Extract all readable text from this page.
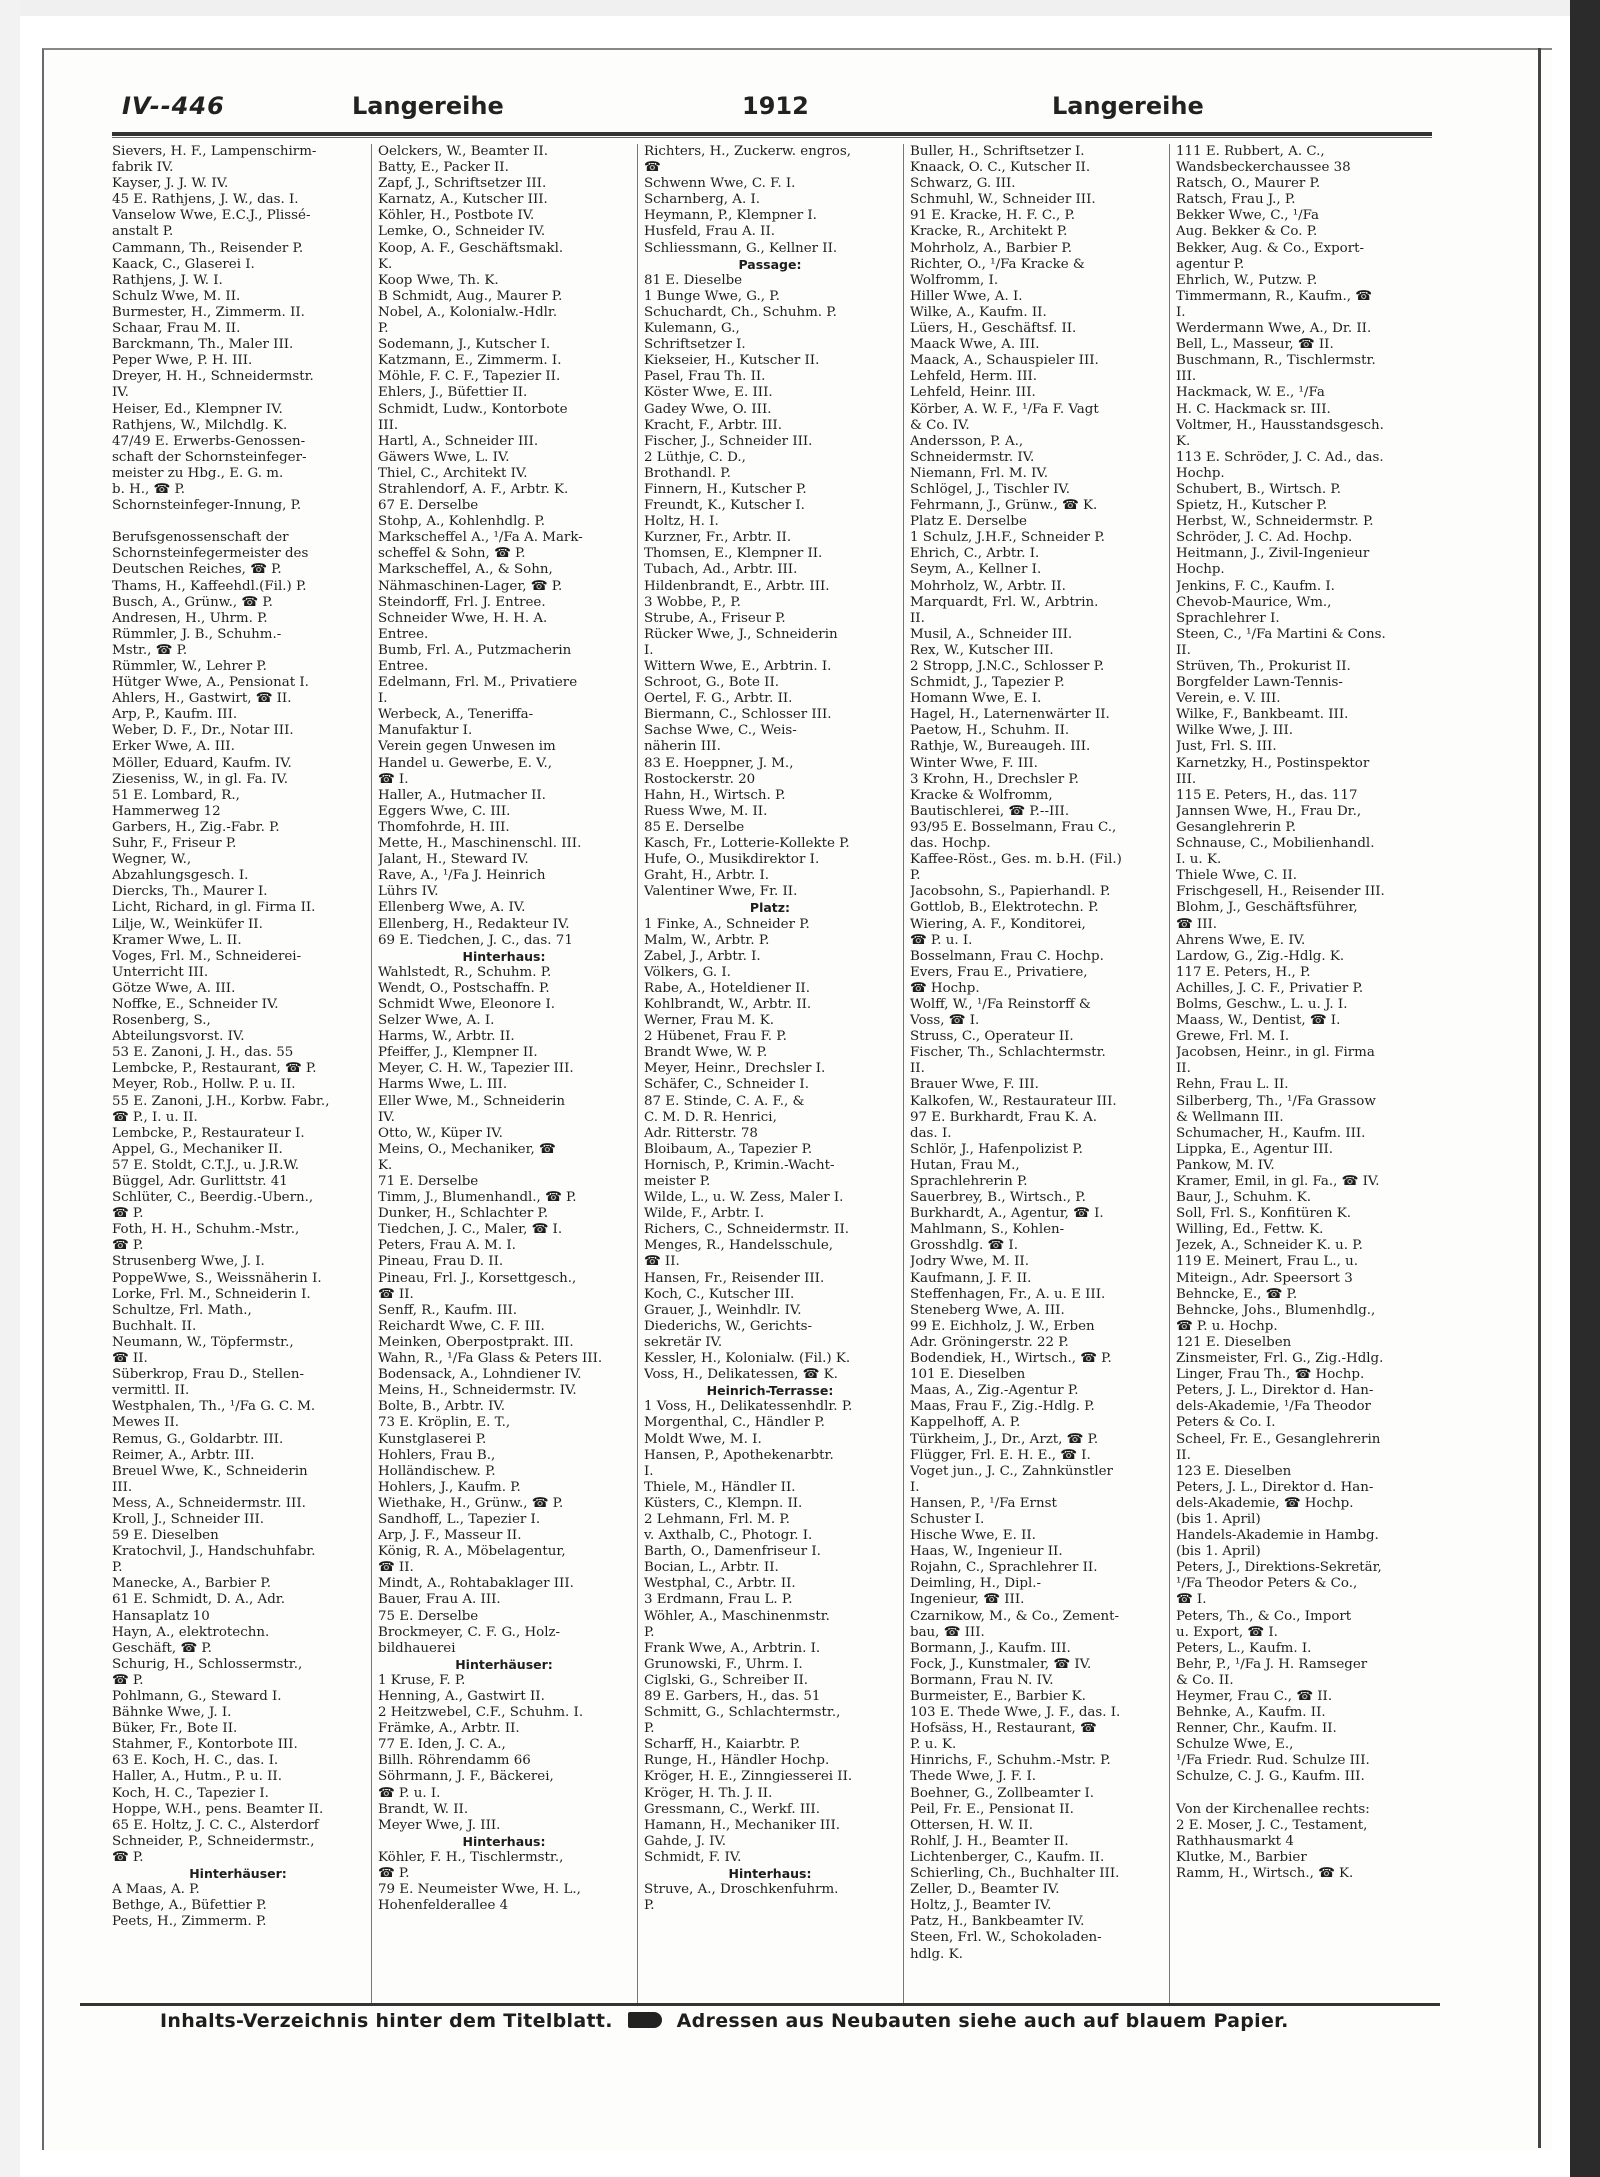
IV--446	Langereihe	1912	Langereihe
Sievers, H. F., Lampenschirm-
fabrik IV.
Kayser, J. J. W. IV.
45 E. Rathjens, J. W., das. I.
Vanselow Wwe, E.C.J., Plissé-
anstalt P.
Cammann, Th., Reisender P.
Kaack, C., Glaserei I.
Rathjens, J. W. I.
Schulz Wwe, M. II.
Burmester, H., Zimmerm. II.
Schaar, Frau M. II.
Barckmann, Th., Maler III.
Peper Wwe, P. H. III.
Dreyer, H. H., Schneidermstr.
IV.
Heiser, Ed., Klempner IV.
Rathjens, W., Milchdlg. K.
47/49 E. Erwerbs-Genossen-
schaft der Schornsteinfeger-
meister zu Hbg., E. G. m.
b. H., ☎ P.
Schornsteinfeger-Innung, P.

Berufsgenossenschaft der
Schornsteinfegermeister des
Deutschen Reiches, ☎ P.
Thams, H., Kaffeehdl.(Fil.) P.
Busch, A., Grünw., ☎ P.
Andresen, H., Uhrm. P.
Rümmler, J. B., Schuhm.-
Mstr., ☎ P.
Rümmler, W., Lehrer P.
Hütger Wwe, A., Pensionat I.
Ahlers, H., Gastwirt, ☎ II.
Arp, P., Kaufm. III.
Weber, D. F., Dr., Notar III.
Erker Wwe, A. III.
Möller, Eduard, Kaufm. IV.
Zieseniss, W., in gl. Fa. IV.
51 E. Lombard, R.,
Hammerweg 12
Garbers, H., Zig.-Fabr. P.
Suhr, F., Friseur P.
Wegner, W.,
Abzahlungsgesch. I.
Diercks, Th., Maurer I.
Licht, Richard, in gl. Firma II.
Lilje, W., Weinküfer II.
Kramer Wwe, L. II.
Voges, Frl. M., Schneiderei-
Unterricht III.
Götze Wwe, A. III.
Noffke, E., Schneider IV.
Rosenberg, S.,
Abteilungsvorst. IV.
53 E. Zanoni, J. H., das. 55
Lembcke, P., Restaurant, ☎ P.
Meyer, Rob., Hollw. P. u. II.
55 E. Zanoni, J.H., Korbw. Fabr.,
☎ P., I. u. II.
Lembcke, P., Restaurateur I.
Appel, G., Mechaniker II.
57 E. Stoldt, C.T.J., u. J.R.W.
Büggel, Adr. Gurlittstr. 41
Schlüter, C., Beerdig.-Übern.,
☎ P.
Foth, H. H., Schuhm.-Mstr.,
☎ P.
Strusenberg Wwe, J. I.
PoppeWwe, S., Weissnäherin I.
Lorke, Frl. M., Schneiderin I.
Schultze, Frl. Math.,
Buchhalt. II.
Neumann, W., Töpfermstr.,
☎ II.
Süberkrop, Frau D., Stellen-
vermittl. II.
Westphalen, Th., ¹/Fa G. C. M.
Mewes II.
Remus, G., Goldarbtr. III.
Reimer, A., Arbtr. III.
Breuel Wwe, K., Schneiderin
III.
Mess, A., Schneidermstr. III.
Kroll, J., Schneider III.
59 E. Dieselben
Kratochvil, J., Handschuhfabr.
P.
Manecke, A., Barbier P.
61 E. Schmidt, D. A., Adr.
Hansaplatz 10
Hayn, A., elektrotechn.
Geschäft, ☎ P.
Schurig, H., Schlossermstr.,
☎ P.
Pohlmann, G., Steward I.
Bähnke Wwe, J. I.
Büker, Fr., Bote II.
Stahmer, F., Kontorbote III.
63 E. Koch, H. C., das. I.
Haller, A., Hutm., P. u. II.
Koch, H. C., Tapezier I.
Hoppe, W.H., pens. Beamter II.
65 E. Holtz, J. C. C., Alsterdorf
Schneider, P., Schneidermstr.,
☎ P.
Hinterhäuser:
A Maas, A. P.
Bethge, A., Büfettier P.
Peets, H., Zimmerm. P.
Oelckers, W., Beamter II.
Batty, E., Packer II.
Zapf, J., Schriftsetzer III.
Karnatz, A., Kutscher III.
Köhler, H., Postbote IV.
Lemke, O., Schneider IV.
Koop, A. F., Geschäftsmakl.
K.
Koop Wwe, Th. K.
B Schmidt, Aug., Maurer P.
Nobel, A., Kolonialw.-Hdlr.
P.
Sodemann, J., Kutscher I.
Katzmann, E., Zimmerm. I.
Möhle, F. C. F., Tapezier II.
Ehlers, J., Büfettier II.
Schmidt, Ludw., Kontorbote
III.
Hartl, A., Schneider III.
Gäwers Wwe, L. IV.
Thiel, C., Architekt IV.
Strahlendorf, A. F., Arbtr. K.
67 E. Derselbe
Stohp, A., Kohlenhdlg. P.
Markscheffel A., ¹/Fa A. Mark-
scheffel & Sohn, ☎ P.
Markscheffel, A., & Sohn,
Nähmaschinen-Lager, ☎ P.
Steindorff, Frl. J. Entree.
Schneider Wwe, H. H. A.
Entree.
Bumb, Frl. A., Putzmacherin
Entree.
Edelmann, Frl. M., Privatiere
I.
Werbeck, A., Teneriffa-
Manufaktur I.
Verein gegen Unwesen im
Handel u. Gewerbe, E. V.,
☎ I.
Haller, A., Hutmacher II.
Eggers Wwe, C. III.
Thomfohrde, H. III.
Mette, H., Maschinenschl. III.
Jalant, H., Steward IV.
Rave, A., ¹/Fa J. Heinrich
Lührs IV.
Ellenberg Wwe, A. IV.
Ellenberg, H., Redakteur IV.
69 E. Tiedchen, J. C., das. 71
Hinterhaus:
Wahlstedt, R., Schuhm. P.
Wendt, O., Postschaffn. P.
Schmidt Wwe, Eleonore I.
Selzer Wwe, A. I.
Harms, W., Arbtr. II.
Pfeiffer, J., Klempner II.
Meyer, C. H. W., Tapezier III.
Harms Wwe, L. III.
Eller Wwe, M., Schneiderin
IV.
Otto, W., Küper IV.
Meins, O., Mechaniker, ☎
K.
71 E. Derselbe
Timm, J., Blumenhandl., ☎ P.
Dunker, H., Schlachter P.
Tiedchen, J. C., Maler, ☎ I.
Peters, Frau A. M. I.
Pineau, Frau D. II.
Pineau, Frl. J., Korsettgesch.,
☎ II.
Senff, R., Kaufm. III.
Reichardt Wwe, C. F. III.
Meinken, Oberpostprakt. III.
Wahn, R., ¹/Fa Glass & Peters III.
Bodensack, A., Lohndiener IV.
Meins, H., Schneidermstr. IV.
Bolte, B., Arbtr. IV.
73 E. Kröplin, E. T.,
Kunstglaserei P.
Hohlers, Frau B.,
Holländischew. P.
Hohlers, J., Kaufm. P.
Wiethake, H., Grünw., ☎ P.
Sandhoff, L., Tapezier I.
Arp, J. F., Masseur II.
König, R. A., Möbelagentur,
☎ II.
Mindt, A., Rohtabaklager III.
Bauer, Frau A. III.
75 E. Derselbe
Brockmeyer, C. F. G., Holz-
bildhauerei
Hinterhäuser:
1 Kruse, F. P.
Henning, A., Gastwirt II.
2 Heitzwebel, C.F., Schuhm. I.
Främke, A., Arbtr. II.
77 E. Iden, J. C. A.,
Billh. Röhrendamm 66
Söhrmann, J. F., Bäckerei,
☎ P. u. I.
Brandt, W. II.
Meyer Wwe, J. III.
Hinterhaus:
Köhler, F. H., Tischlermstr.,
☎ P.
79 E. Neumeister Wwe, H. L.,
Hohenfelderallee 4
Richters, H., Zuckerw. engros,
☎
Schwenn Wwe, C. F. I.
Scharnberg, A. I.
Heymann, P., Klempner I.
Husfeld, Frau A. II.
Schliessmann, G., Kellner II.
Passage:
81 E. Dieselbe
1 Bunge Wwe, G., P.
Schuchardt, Ch., Schuhm. P.
Kulemann, G.,
Schriftsetzer I.
Kiekseier, H., Kutscher II.
Pasel, Frau Th. II.
Köster Wwe, E. III.
Gadey Wwe, O. III.
Kracht, F., Arbtr. III.
Fischer, J., Schneider III.
2 Lüthje, C. D.,
Brothandl. P.
Finnern, H., Kutscher P.
Freundt, K., Kutscher I.
Holtz, H. I.
Kurzner, Fr., Arbtr. II.
Thomsen, E., Klempner II.
Tubach, Ad., Arbtr. III.
Hildenbrandt, E., Arbtr. III.
3 Wobbe, P., P.
Strube, A., Friseur P.
Rücker Wwe, J., Schneiderin
I.
Wittern Wwe, E., Arbtrin. I.
Schroot, G., Bote II.
Oertel, F. G., Arbtr. II.
Biermann, C., Schlosser III.
Sachse Wwe, C., Weis-
näherin III.
83 E. Hoeppner, J. M.,
Rostockerstr. 20
Hahn, H., Wirtsch. P.
Ruess Wwe, M. II.
85 E. Derselbe
Kasch, Fr., Lotterie-Kollekte P.
Hufe, O., Musikdirektor I.
Graht, H., Arbtr. I.
Valentiner Wwe, Fr. II.
Platz:
1 Finke, A., Schneider P.
Malm, W., Arbtr. P.
Zabel, J., Arbtr. I.
Völkers, G. I.
Rabe, A., Hoteldiener II.
Kohlbrandt, W., Arbtr. II.
Werner, Frau M. K.
2 Hübenet, Frau F. P.
Brandt Wwe, W. P.
Meyer, Heinr., Drechsler I.
Schäfer, C., Schneider I.
87 E. Stinde, C. A. F., &
C. M. D. R. Henrici,
Adr. Ritterstr. 78
Bloibaum, A., Tapezier P.
Hornisch, P., Krimin.-Wacht-
meister P.
Wilde, L., u. W. Zess, Maler I.
Wilde, F., Arbtr. I.
Richers, C., Schneidermstr. II.
Menges, R., Handelsschule,
☎ II.
Hansen, Fr., Reisender III.
Koch, C., Kutscher III.
Grauer, J., Weinhdlr. IV.
Diederichs, W., Gerichts-
sekretär IV.
Kessler, H., Kolonialw. (Fil.) K.
Voss, H., Delikatessen, ☎ K.
Heinrich-Terrasse:
1 Voss, H., Delikatessenhdlr. P.
Morgenthal, C., Händler P.
Moldt Wwe, M. I.
Hansen, P., Apothekenarbtr.
I.
Thiele, M., Händler II.
Küsters, C., Klempn. II.
2 Lehmann, Frl. M. P.
v. Axthalb, C., Photogr. I.
Barth, O., Damenfriseur I.
Bocian, L., Arbtr. II.
Westphal, C., Arbtr. II.
3 Erdmann, Frau L. P.
Wöhler, A., Maschinenmstr.
P.
Frank Wwe, A., Arbtrin. I.
Grunowski, F., Uhrm. I.
Ciglski, G., Schreiber II.
89 E. Garbers, H., das. 51
Schmitt, G., Schlachtermstr.,
P.
Scharff, H., Kaiarbtr. P.
Runge, H., Händler Hochp.
Kröger, H. E., Zinngiesserei II.
Kröger, H. Th. J. II.
Gressmann, C., Werkf. III.
Hamann, H., Mechaniker III.
Gahde, J. IV.
Schmidt, F. IV.
Hinterhaus:
Struve, A., Droschkenfuhrm.
P.
Buller, H., Schriftsetzer I.
Knaack, O. C., Kutscher II.
Schwarz, G. III.
Schmuhl, W., Schneider III.
91 E. Kracke, H. F. C., P.
Kracke, R., Architekt P.
Mohrholz, A., Barbier P.
Richter, O., ¹/Fa Kracke &
Wolfromm, I.
Hiller Wwe, A. I.
Wilke, A., Kaufm. II.
Lüers, H., Geschäftsf. II.
Maack Wwe, A. III.
Maack, A., Schauspieler III.
Lehfeld, Herm. III.
Lehfeld, Heinr. III.
Körber, A. W. F., ¹/Fa F. Vagt
& Co. IV.
Andersson, P. A.,
Schneidermstr. IV.
Niemann, Frl. M. IV.
Schlögel, J., Tischler IV.
Fehrmann, J., Grünw., ☎ K.
Platz E. Derselbe
1 Schulz, J.H.F., Schneider P.
Ehrich, C., Arbtr. I.
Seym, A., Kellner I.
Mohrholz, W., Arbtr. II.
Marquardt, Frl. W., Arbtrin.
II.
Musil, A., Schneider III.
Rex, W., Kutscher III.
2 Stropp, J.N.C., Schlosser P.
Schmidt, J., Tapezier P.
Homann Wwe, E. I.
Hagel, H., Laternenwärter II.
Paetow, H., Schuhm. II.
Rathje, W., Bureaugeh. III.
Winter Wwe, F. III.
3 Krohn, H., Drechsler P.
Kracke & Wolfromm,
Bautischlerei, ☎ P.--III.
93/95 E. Bosselmann, Frau C.,
das. Hochp.
Kaffee-Röst., Ges. m. b.H. (Fil.)
P.
Jacobsohn, S., Papierhandl. P.
Gottlob, B., Elektrotechn. P.
Wiering, A. F., Konditorei,
☎ P. u. I.
Bosselmann, Frau C. Hochp.
Evers, Frau E., Privatiere,
☎ Hochp.
Wolff, W., ¹/Fa Reinstorff &
Voss, ☎ I.
Struss, C., Operateur II.
Fischer, Th., Schlachtermstr.
II.
Brauer Wwe, F. III.
Kalkofen, W., Restaurateur III.
97 E. Burkhardt, Frau K. A.
das. I.
Schlör, J., Hafenpolizist P.
Hutan, Frau M.,
Sprachlehrerin P.
Sauerbrey, B., Wirtsch., P.
Burkhardt, A., Agentur, ☎ I.
Mahlmann, S., Kohlen-
Grosshdlg. ☎ I.
Jodry Wwe, M. II.
Kaufmann, J. F. II.
Steffenhagen, Fr., A. u. E III.
Steneberg Wwe, A. III.
99 E. Eichholz, J. W., Erben
Adr. Gröningerstr. 22 P.
Bodendiek, H., Wirtsch., ☎ P.
101 E. Dieselben
Maas, A., Zig.-Agentur P.
Maas, Frau F., Zig.-Hdlg. P.
Kappelhoff, A. P.
Türkheim, J., Dr., Arzt, ☎ P.
Flügger, Frl. E. H. E., ☎ I.
Voget jun., J. C., Zahnkünstler
I.
Hansen, P., ¹/Fa Ernst
Schuster I.
Hische Wwe, E. II.
Haas, W., Ingenieur II.
Rojahn, C., Sprachlehrer II.
Deimling, H., Dipl.-
Ingenieur, ☎ III.
Czarnikow, M., & Co., Zement-
bau, ☎ III.
Bormann, J., Kaufm. III.
Fock, J., Kunstmaler, ☎ IV.
Bormann, Frau N. IV.
Burmeister, E., Barbier K.
103 E. Thede Wwe, J. F., das. I.
Hofsäss, H., Restaurant, ☎
P. u. K.
Hinrichs, F., Schuhm.-Mstr. P.
Thede Wwe, J. F. I.
Boehner, G., Zollbeamter I.
Peil, Fr. E., Pensionat II.
Ottersen, H. W. II.
Rohlf, J. H., Beamter II.
Lichtenberger, C., Kaufm. II.
Schierling, Ch., Buchhalter III.
Zeller, D., Beamter IV.
Holtz, J., Beamter IV.
Patz, H., Bankbeamter IV.
Steen, Frl. W., Schokoladen-
hdlg. K.
111 E. Rubbert, A. C.,
Wandsbeckerchaussee 38
Ratsch, O., Maurer P.
Ratsch, Frau J., P.
Bekker Wwe, C., ¹/Fa
Aug. Bekker & Co. P.
Bekker, Aug. & Co., Export-
agentur P.
Ehrlich, W., Putzw. P.
Timmermann, R., Kaufm., ☎
I.
Werdermann Wwe, A., Dr. II.
Bell, L., Masseur, ☎ II.
Buschmann, R., Tischlermstr.
III.
Hackmack, W. E., ¹/Fa
H. C. Hackmack sr. III.
Voltmer, H., Hausstandsgesch.
K.
113 E. Schröder, J. C. Ad., das.
Hochp.
Schubert, B., Wirtsch. P.
Spietz, H., Kutscher P.
Herbst, W., Schneidermstr. P.
Schröder, J. C. Ad. Hochp.
Heitmann, J., Zivil-Ingenieur
Hochp.
Jenkins, F. C., Kaufm. I.
Chevob-Maurice, Wm.,
Sprachlehrer I.
Steen, C., ¹/Fa Martini & Cons.
II.
Strüven, Th., Prokurist II.
Borgfelder Lawn-Tennis-
Verein, e. V. III.
Wilke, F., Bankbeamt. III.
Wilke Wwe, J. III.
Just, Frl. S. III.
Karnetzky, H., Postinspektor
III.
115 E. Peters, H., das. 117
Jannsen Wwe, H., Frau Dr.,
Gesanglehrerin P.
Schnause, C., Mobilienhandl.
I. u. K.
Thiele Wwe, C. II.
Frischgesell, H., Reisender III.
Blohm, J., Geschäftsführer,
☎ III.
Ahrens Wwe, E. IV.
Lardow, G., Zig.-Hdlg. K.
117 E. Peters, H., P.
Achilles, J. C. F., Privatier P.
Bolms, Geschw., L. u. J. I.
Maass, W., Dentist, ☎ I.
Grewe, Frl. M. I.
Jacobsen, Heinr., in gl. Firma
II.
Rehn, Frau L. II.
Silberberg, Th., ¹/Fa Grassow
& Wellmann III.
Schumacher, H., Kaufm. III.
Lippka, E., Agentur III.
Pankow, M. IV.
Kramer, Emil, in gl. Fa., ☎ IV.
Baur, J., Schuhm. K.
Soll, Frl. S., Konfitüren K.
Willing, Ed., Fettw. K.
Jezek, A., Schneider K. u. P.
119 E. Meinert, Frau L., u.
Miteign., Adr. Speersort 3
Behncke, E., ☎ P.
Behncke, Johs., Blumenhdlg.,
☎ P. u. Hochp.
121 E. Dieselben
Zinsmeister, Frl. G., Zig.-Hdlg.
Linger, Frau Th., ☎ Hochp.
Peters, J. L., Direktor d. Han-
dels-Akademie, ¹/Fa Theodor
Peters & Co. I.
Scheel, Fr. E., Gesanglehrerin
II.
123 E. Dieselben
Peters, J. L., Direktor d. Han-
dels-Akademie, ☎ Hochp.
(bis 1. April)
Handels-Akademie in Hambg.
(bis 1. April)
Peters, J., Direktions-Sekretär,
¹/Fa Theodor Peters & Co.,
☎ I.
Peters, Th., & Co., Import
u. Export, ☎ I.
Peters, L., Kaufm. I.
Behr, P., ¹/Fa J. H. Ramseger
& Co. II.
Heymer, Frau C., ☎ II.
Behnke, A., Kaufm. II.
Renner, Chr., Kaufm. II.
Schulze Wwe, E.,
¹/Fa Friedr. Rud. Schulze III.
Schulze, C. J. G., Kaufm. III.

Von der Kirchenallee rechts:
2 E. Moser, J. C., Testament,
Rathhausmarkt 4
Klutke, M., Barbier
Ramm, H., Wirtsch., ☎ K.
Inhalts-Verzeichnis hinter dem Titelblatt.	Adressen aus Neubauten siehe auch auf blauem Papier.
